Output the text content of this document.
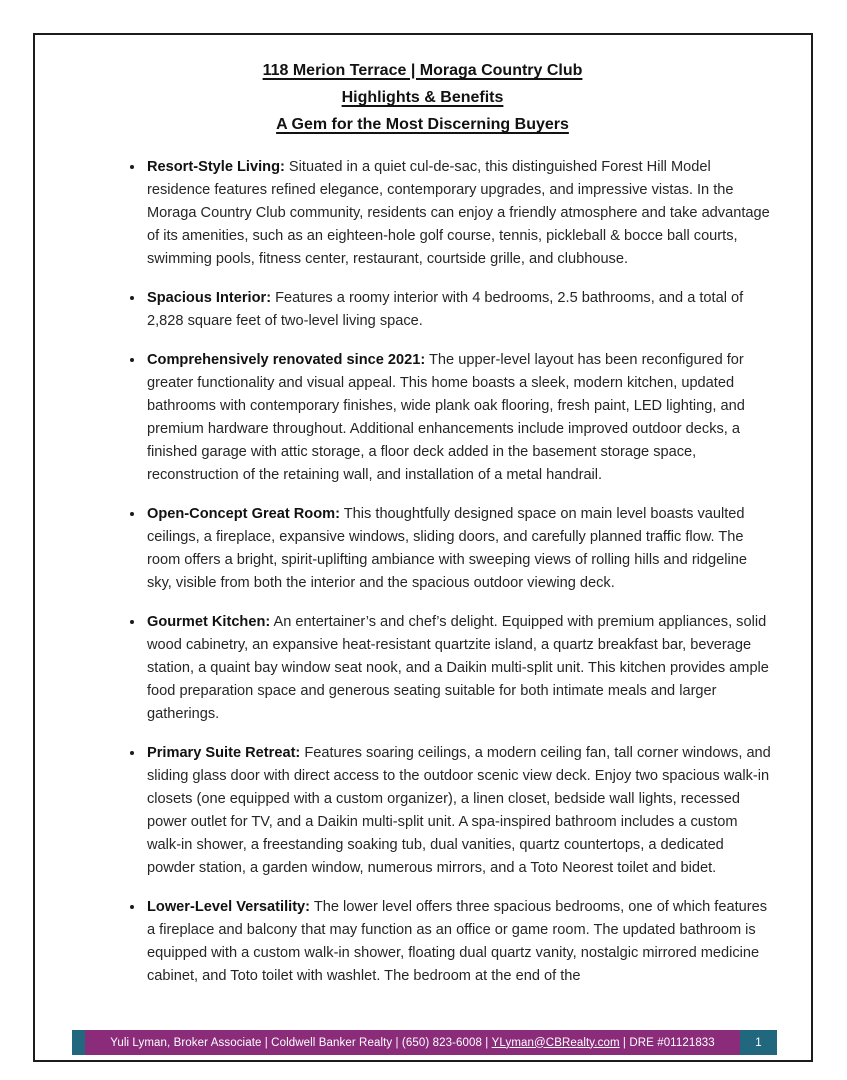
118 Merion Terrace | Moraga Country Club
Highlights & Benefits
A Gem for the Most Discerning Buyers
• Resort-Style Living: Situated in a quiet cul-de-sac, this distinguished Forest Hill Model residence features refined elegance, contemporary upgrades, and impressive vistas. In the Moraga Country Club community, residents can enjoy a friendly atmosphere and take advantage of its amenities, such as an eighteen-hole golf course, tennis, pickleball & bocce ball courts, swimming pools, fitness center, restaurant, courtside grille, and clubhouse.
• Spacious Interior: Features a roomy interior with 4 bedrooms, 2.5 bathrooms, and a total of 2,828 square feet of two-level living space.
• Comprehensively renovated since 2021: The upper-level layout has been reconfigured for greater functionality and visual appeal. This home boasts a sleek, modern kitchen, updated bathrooms with contemporary finishes, wide plank oak flooring, fresh paint, LED lighting, and premium hardware throughout. Additional enhancements include improved outdoor decks, a finished garage with attic storage, a floor deck added in the basement storage space, reconstruction of the retaining wall, and installation of a metal handrail.
• Open-Concept Great Room: This thoughtfully designed space on main level boasts vaulted ceilings, a fireplace, expansive windows, sliding doors, and carefully planned traffic flow. The room offers a bright, spirit-uplifting ambiance with sweeping views of rolling hills and ridgeline sky, visible from both the interior and the spacious outdoor viewing deck.
• Gourmet Kitchen: An entertainer’s and chef’s delight. Equipped with premium appliances, solid wood cabinetry, an expansive heat-resistant quartzite island, a quartz breakfast bar, beverage station, a quaint bay window seat nook, and a Daikin multi-split unit. This kitchen provides ample food preparation space and generous seating suitable for both intimate meals and larger gatherings.
• Primary Suite Retreat: Features soaring ceilings, a modern ceiling fan, tall corner windows, and sliding glass door with direct access to the outdoor scenic view deck. Enjoy two spacious walk-in closets (one equipped with a custom organizer), a linen closet, bedside wall lights, recessed power outlet for TV, and a Daikin multi-split unit. A spa-inspired bathroom includes a custom walk-in shower, a freestanding soaking tub, dual vanities, quartz countertops, a dedicated powder station, a garden window, numerous mirrors, and a Toto Neorest toilet and bidet.
• Lower-Level Versatility: The lower level offers three spacious bedrooms, one of which features a fireplace and balcony that may function as an office or game room. The updated bathroom is equipped with a custom walk-in shower, floating dual quartz vanity, nostalgic mirrored medicine cabinet, and Toto toilet with washlet. The bedroom at the end of the
Yuli Lyman, Broker Associate | Coldwell Banker Realty | (650) 823-6008 | YLyman@CBRealty.com | DRE #01121833	1
